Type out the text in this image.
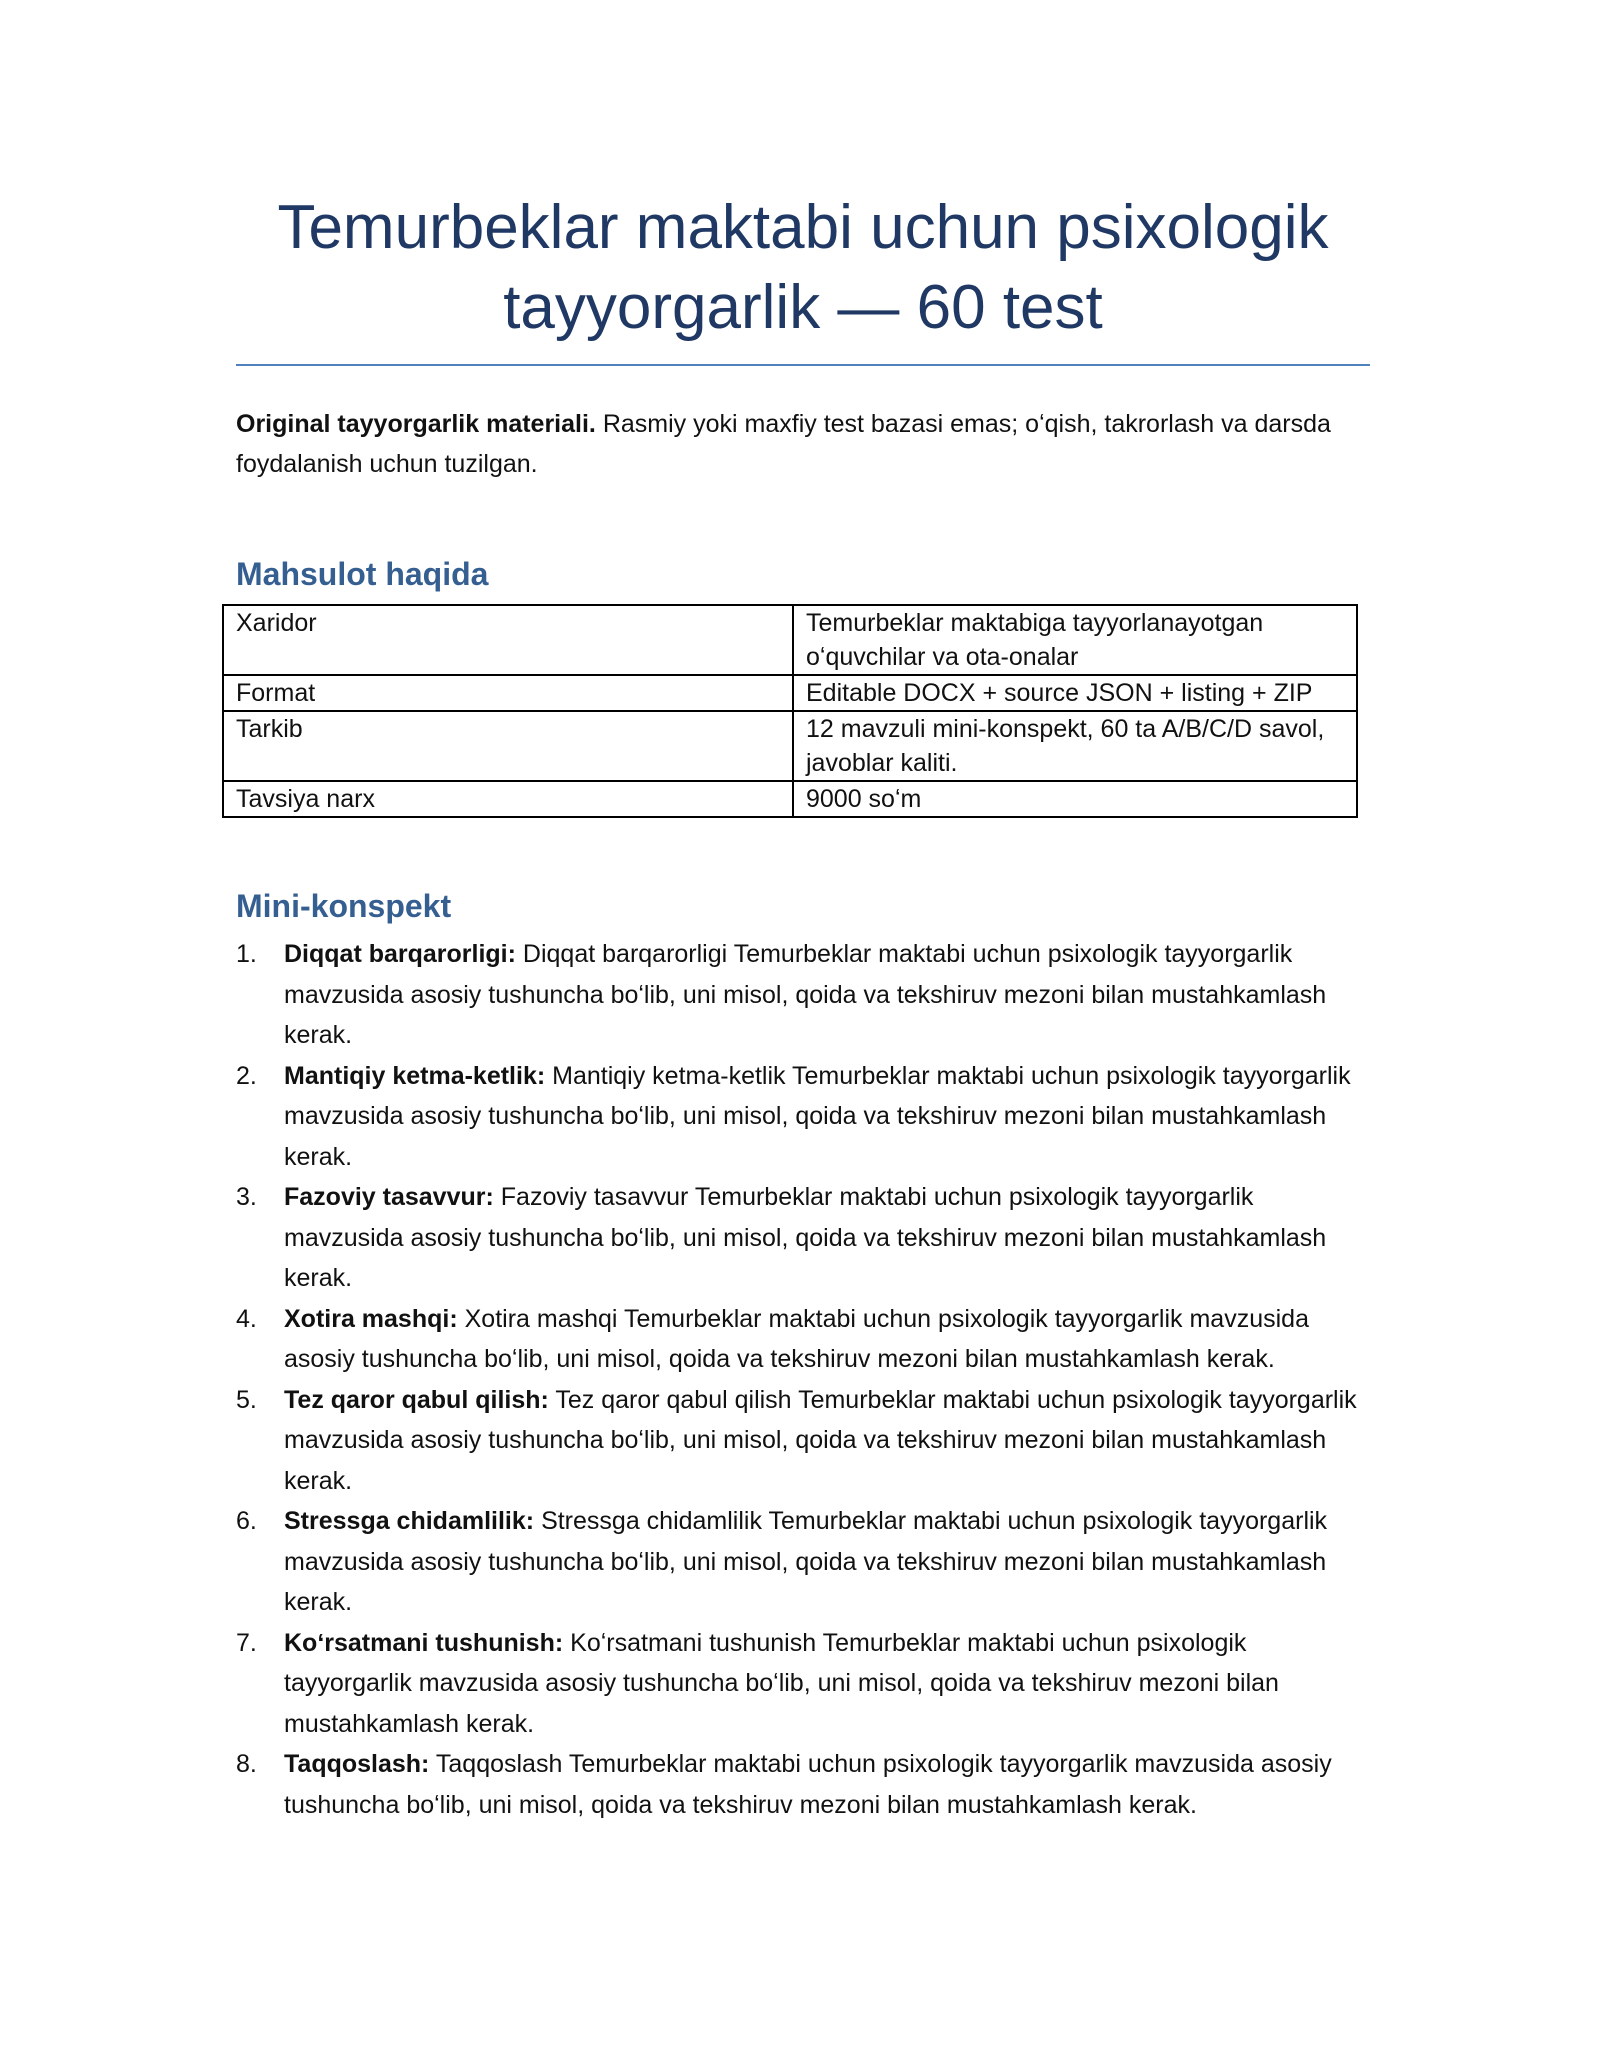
Temurbeklar maktabi uchun psixologik tayyorgarlik — 60 test

Original tayyorgarlik materiali. Rasmiy yoki maxfiy test bazasi emas; oʻqish, takrorlash va darsda foydalanish uchun tuzilgan.

Mahsulot haqida
Xaridor	Temurbeklar maktabiga tayyorlanayotgan oʻquvchilar va ota-onalar
Format	Editable DOCX + source JSON + listing + ZIP
Tarkib	12 mavzuli mini-konspekt, 60 ta A/B/C/D savol, javoblar kaliti.
Tavsiya narx	9000 soʻm
Mini-konspekt
1. Diqqat barqarorligi: Diqqat barqarorligi Temurbeklar maktabi uchun psixologik tayyorgarlik mavzusida asosiy tushuncha boʻlib, uni misol, qoida va tekshiruv mezoni bilan mustahkamlash kerak.
2. Mantiqiy ketma-ketlik: Mantiqiy ketma-ketlik Temurbeklar maktabi uchun psixologik tayyorgarlik mavzusida asosiy tushuncha boʻlib, uni misol, qoida va tekshiruv mezoni bilan mustahkamlash kerak.
3. Fazoviy tasavvur: Fazoviy tasavvur Temurbeklar maktabi uchun psixologik tayyorgarlik mavzusida asosiy tushuncha boʻlib, uni misol, qoida va tekshiruv mezoni bilan mustahkamlash kerak.
4. Xotira mashqi: Xotira mashqi Temurbeklar maktabi uchun psixologik tayyorgarlik mavzusida asosiy tushuncha boʻlib, uni misol, qoida va tekshiruv mezoni bilan mustahkamlash kerak.
5. Tez qaror qabul qilish: Tez qaror qabul qilish Temurbeklar maktabi uchun psixologik tayyorgarlik mavzusida asosiy tushuncha boʻlib, uni misol, qoida va tekshiruv mezoni bilan mustahkamlash kerak.
6. Stressga chidamlilik: Stressga chidamlilik Temurbeklar maktabi uchun psixologik tayyorgarlik mavzusida asosiy tushuncha boʻlib, uni misol, qoida va tekshiruv mezoni bilan mustahkamlash kerak.
7. Koʻrsatmani tushunish: Koʻrsatmani tushunish Temurbeklar maktabi uchun psixologik tayyorgarlik mavzusida asosiy tushuncha boʻlib, uni misol, qoida va tekshiruv mezoni bilan mustahkamlash kerak.
8. Taqqoslash: Taqqoslash Temurbeklar maktabi uchun psixologik tayyorgarlik mavzusida asosiy tushuncha boʻlib, uni misol, qoida va tekshiruv mezoni bilan mustahkamlash kerak.
